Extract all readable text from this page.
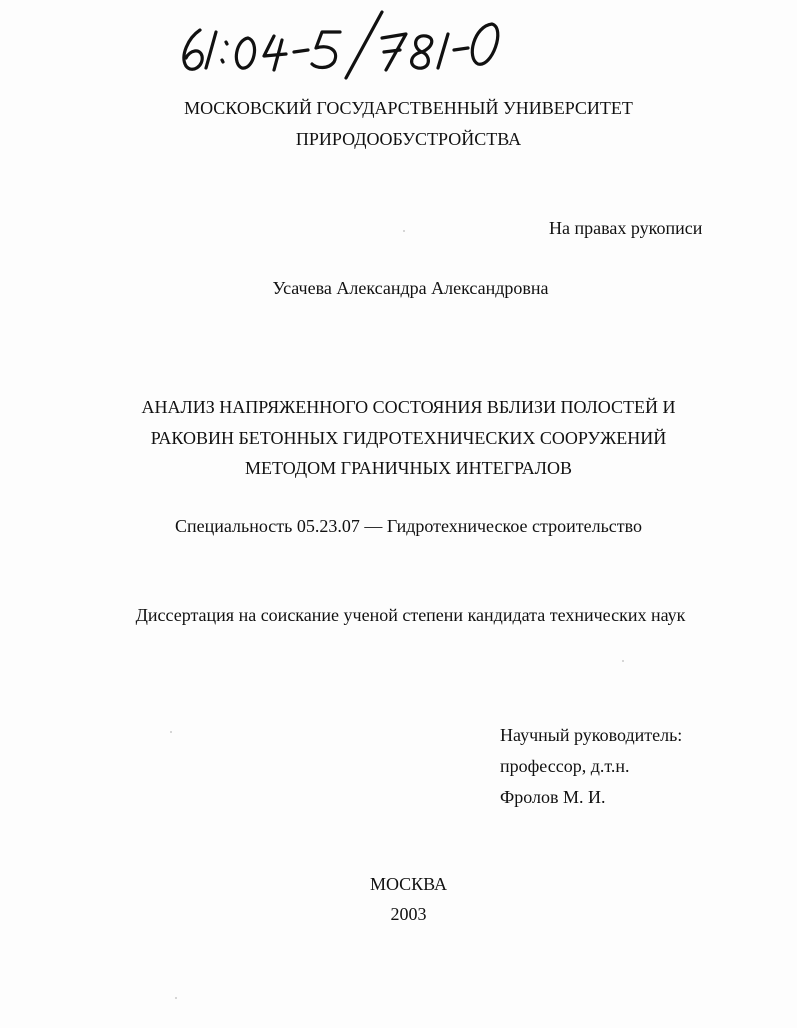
МОСКОВСКИЙ ГОСУДАРСТВЕННЫЙ УНИВЕРСИТЕТ
ПРИРОДООБУСТРОЙСТВА
На правах рукописи
Усачева Александра Александровна
АНАЛИЗ НАПРЯЖЕННОГО СОСТОЯНИЯ ВБЛИЗИ ПОЛОСТЕЙ И
РАКОВИН БЕТОННЫХ ГИДРОТЕХНИЧЕСКИХ СООРУЖЕНИЙ
МЕТОДОМ ГРАНИЧНЫХ ИНТЕГРАЛОВ
Специальность 05.23.07 — Гидротехническое строительство
Диссертация на соискание ученой степени кандидата технических наук
Научный руководитель:
профессор, д.т.н.
Фролов М. И.
МОСКВА
2003
